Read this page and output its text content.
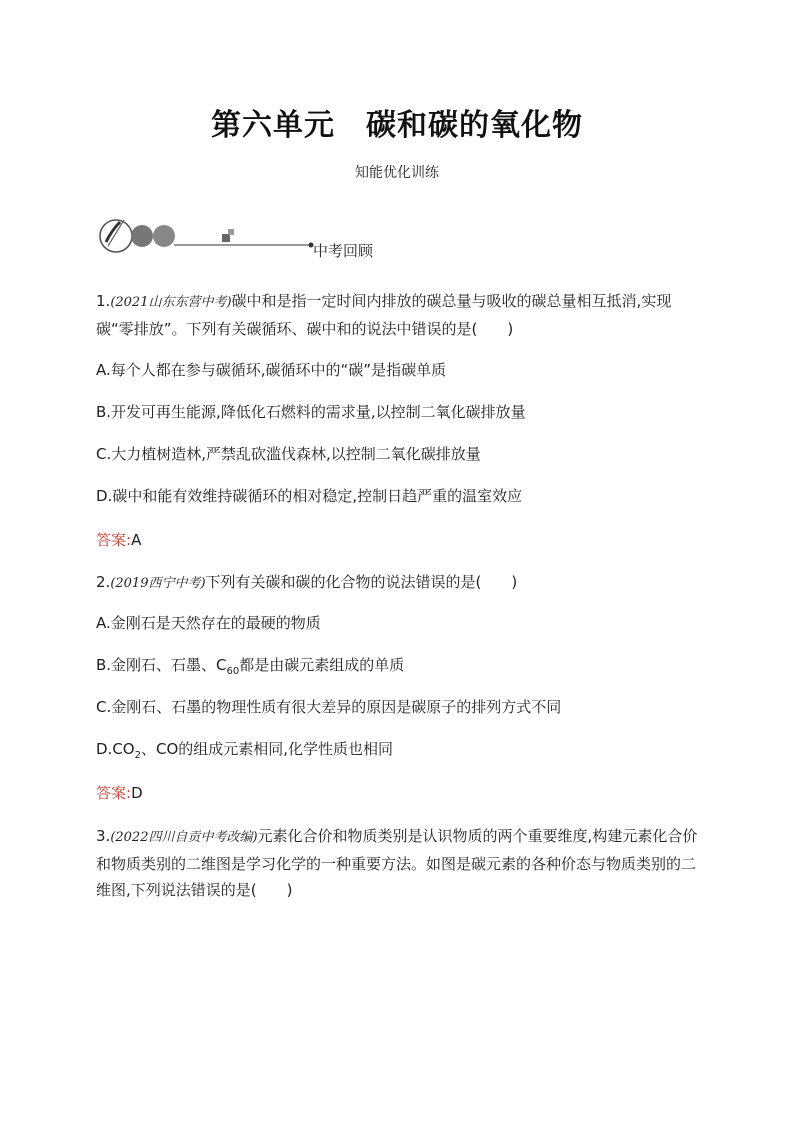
第六单元　碳和碳的氧化物
知能优化训练
中考回顾
1.(2021山东东营中考)碳中和是指一定时间内排放的碳总量与吸收的碳总量相互抵消,实现碳“零排放”。下列有关碳循环、碳中和的说法中错误的是(　　)
A.每个人都在参与碳循环,碳循环中的“碳”是指碳单质
B.开发可再生能源,降低化石燃料的需求量,以控制二氧化碳排放量
C.大力植树造林,严禁乱砍滥伐森林,以控制二氧化碳排放量
D.碳中和能有效维持碳循环的相对稳定,控制日趋严重的温室效应
答案:A
2.(2019西宁中考)下列有关碳和碳的化合物的说法错误的是(　　)
A.金刚石是天然存在的最硬的物质
B.金刚石、石墨、$C_{60}$都是由碳元素组成的单质
C.金刚石、石墨的物理性质有很大差异的原因是碳原子的排列方式不同
$D.CO_2$、CO的组成元素相同,化学性质也相同
答案:D
3.(2022四川自贡中考改编)元素化合价和物质类别是认识物质的两个重要维度,构建元素化合价和物质类别的二维图是学习化学的一种重要方法。如图是碳元素的各种价态与物质类别的二维图,下列说法错误的是(　　)
